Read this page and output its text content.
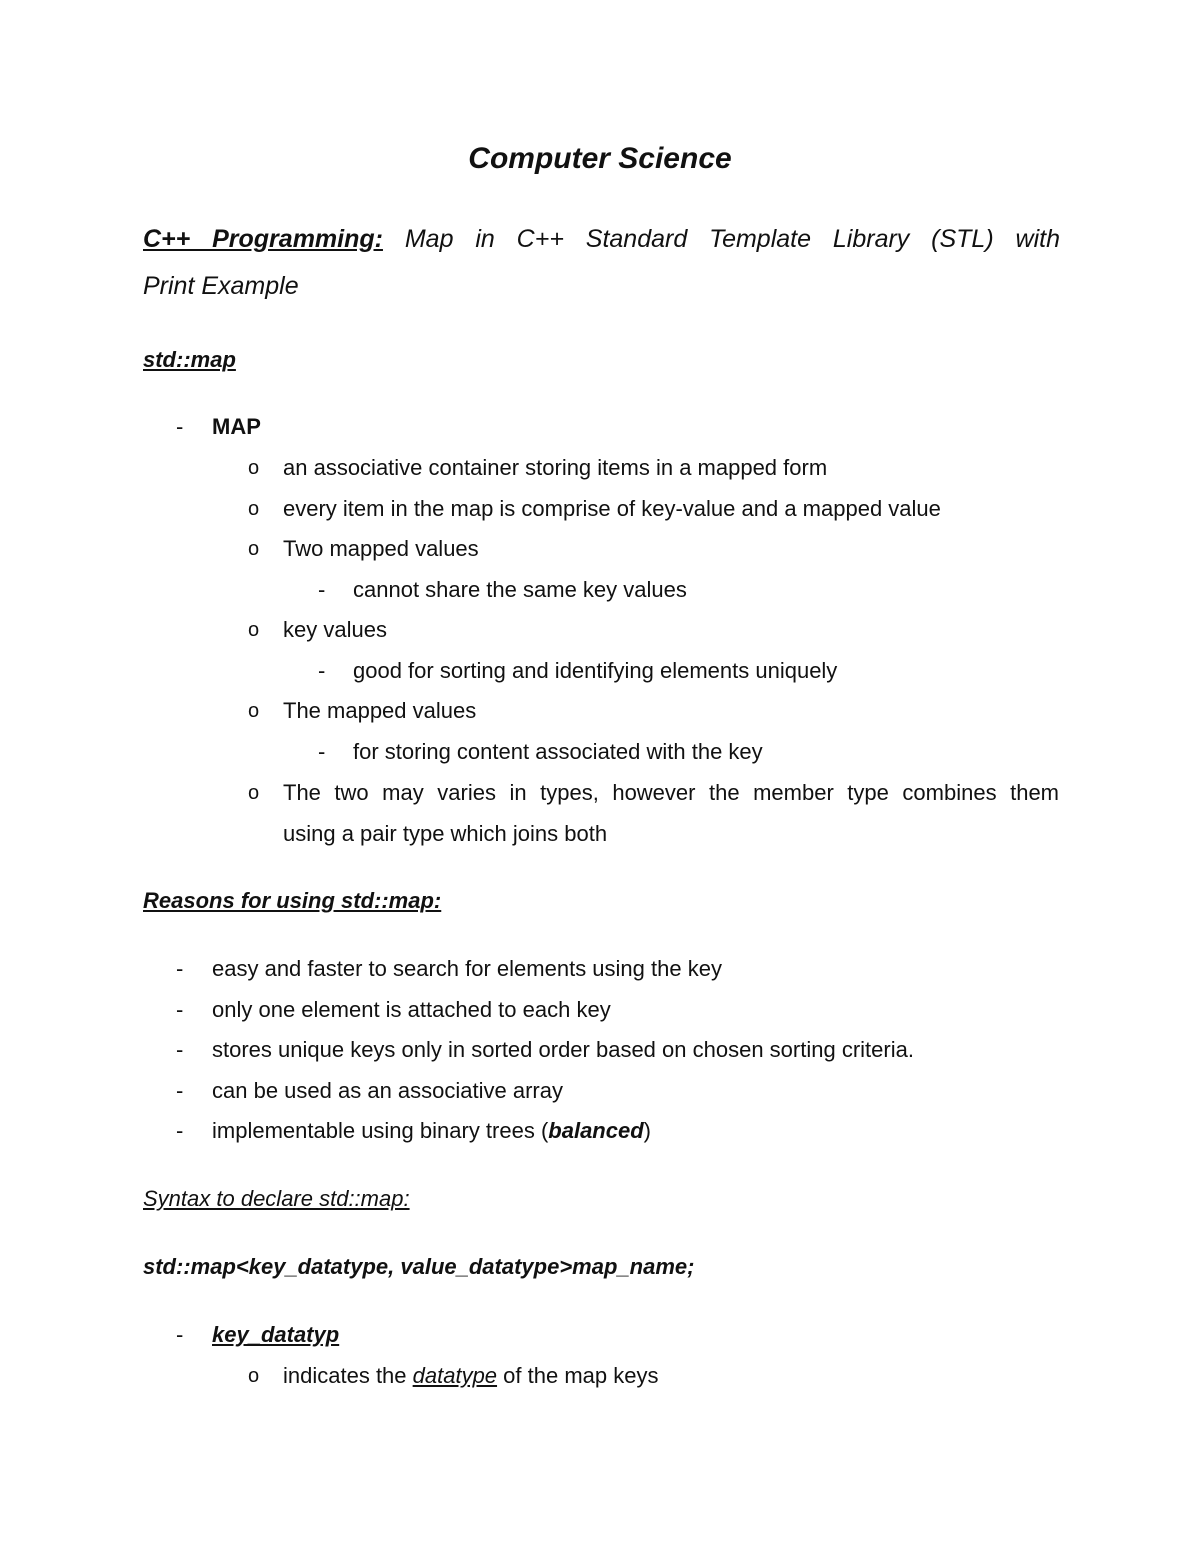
Computer Science
C++ Programming: Map in C++ Standard Template Library (STL) with
Print Example
std::map
- MAP
o an associative container storing items in a mapped form
o every item in the map is comprise of key-value and a mapped value
o Two mapped values
- cannot share the same key values
o key values
- good for sorting and identifying elements uniquely
o The mapped values
- for storing content associated with the key
o The two may varies in types, however the member type combines them
using a pair type which joins both
Reasons for using std::map:
- easy and faster to search for elements using the key
- only one element is attached to each key
- stores unique keys only in sorted order based on chosen sorting criteria.
- can be used as an associative array
- implementable using binary trees (balanced)
Syntax to declare std::map:
std::map<key_datatype, value_datatype>map_name;
- key_datatyp
o indicates the datatype of the map keys
